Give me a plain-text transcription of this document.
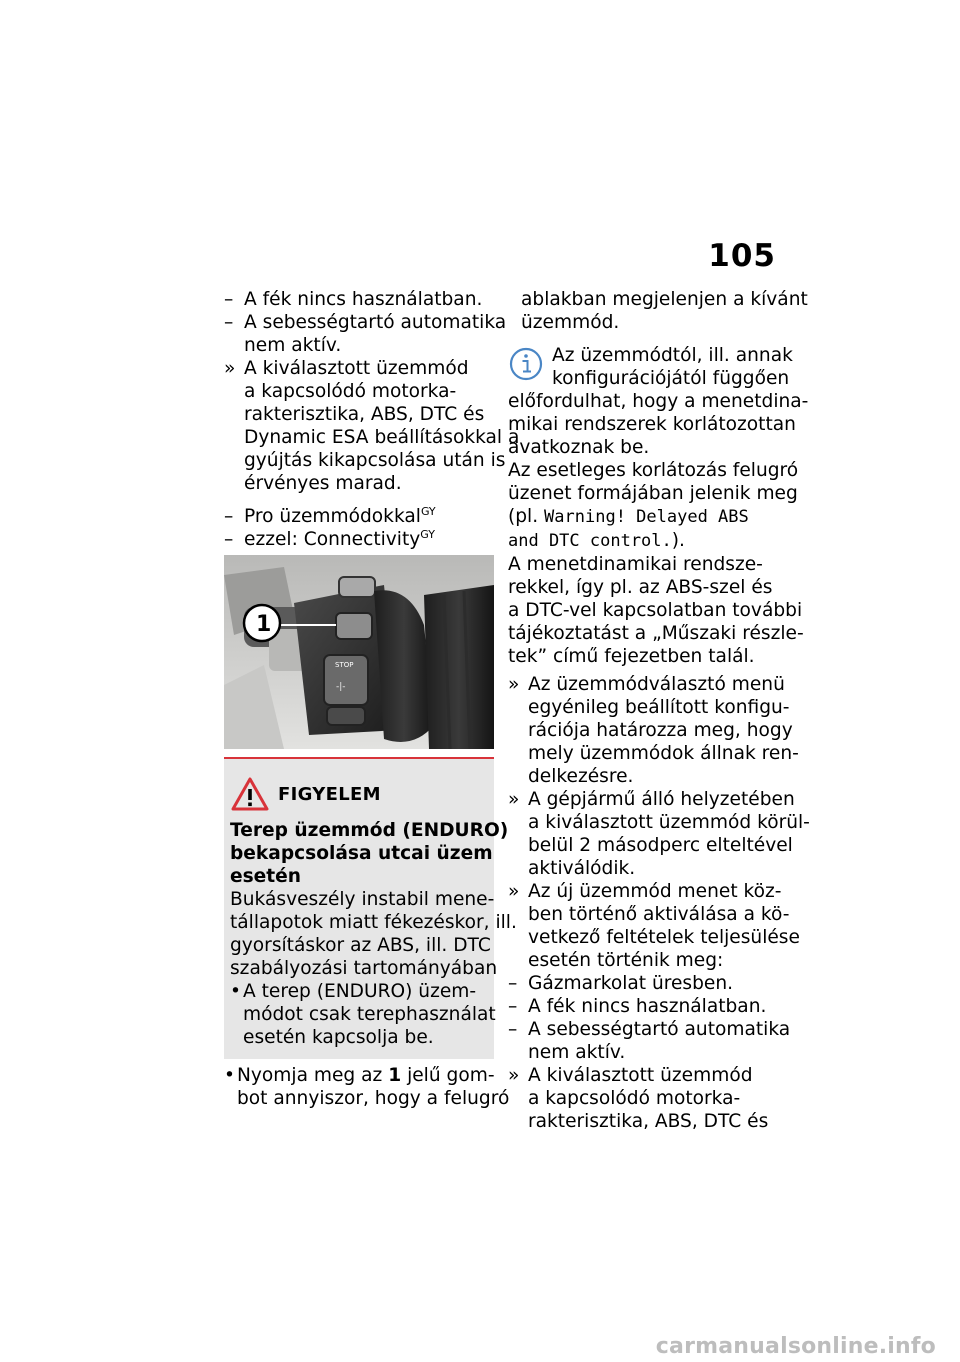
105
– A fék nincs használatban.
– A sebességtartó automatika
nem aktív.
» A kiválasztott üzemmód
a kapcsolódó motorka-
rakterisztika, ABS, DTC és
Dynamic ESA beállításokkal a
gyújtás kikapcsolása után is
érvényes marad.
– Pro üzemmódokkal$^{GY}$
– ezzel: Connectivity$^{GY}$
STOP
-|-
1
FIGYELEM
Terep üzemmód (ENDURO)
bekapcsolása utcai üzem
esetén
Bukásveszély instabil mene-
tállapotok miatt fékezéskor, ill.
gyorsításkor az ABS, ill. DTC
szabályozási tartományában
• A terep (ENDURO) üzem-
módot csak terephasználat
esetén kapcsolja be.
• Nyomja meg az 1 jelű gom-
bot annyiszor, hogy a felugró
ablakban megjelenjen a kívánt
üzemmód.
Az üzemmódtól, ill. annak
konfigurációjától függően
előfordulhat, hogy a menetdina-
mikai rendszerek korlátozottan
avatkoznak be.
Az esetleges korlátozás felugró
üzenet formájában jelenik meg
(pl. Warning! Delayed ABS
and DTC control.).
A menetdinamikai rendsze-
rekkel, így pl. az ABS-szel és
a DTC-vel kapcsolatban további
tájékoztatást a „Műszaki részle-
tek” című fejezetben talál.
» Az üzemmódválasztó menü
egyénileg beállított konfigu-
rációja határozza meg, hogy
mely üzemmódok állnak ren-
delkezésre.
» A gépjármű álló helyzetében
a kiválasztott üzemmód körül-
belül 2 másodperc elteltével
aktiválódik.
» Az új üzemmód menet köz-
ben történő aktiválása a kö-
vetkező feltételek teljesülése
esetén történik meg:
– Gázmarkolat üresben.
– A fék nincs használatban.
– A sebességtartó automatika
nem aktív.
» A kiválasztott üzemmód
a kapcsolódó motorka-
rakterisztika, ABS, DTC és
carmanualsonline.info
